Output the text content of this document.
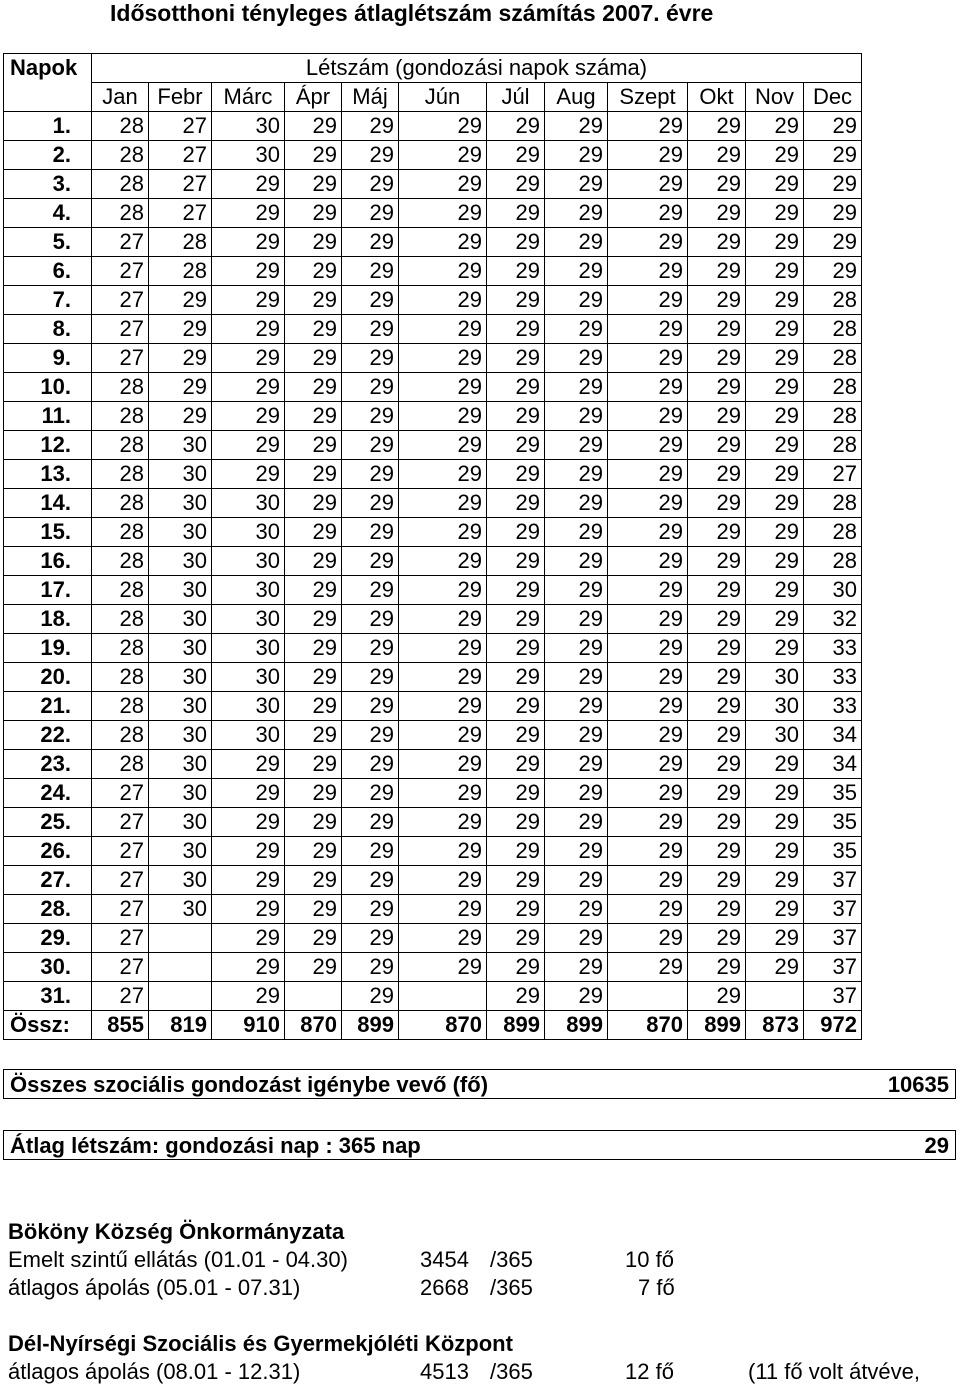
Idősotthoni tényleges átlaglétszám számítás 2007. évre
Napok	Létszám (gondozási napok száma)											
	Jan	Febr	Márc	Ápr	Máj	Jún	Júl	Aug	Szept	Okt	Nov	Dec
1.	28	27	30	29	29	29	29	29	29	29	29	29
2.	28	27	30	29	29	29	29	29	29	29	29	29
3.	28	27	29	29	29	29	29	29	29	29	29	29
4.	28	27	29	29	29	29	29	29	29	29	29	29
5.	27	28	29	29	29	29	29	29	29	29	29	29
6.	27	28	29	29	29	29	29	29	29	29	29	29
7.	27	29	29	29	29	29	29	29	29	29	29	28
8.	27	29	29	29	29	29	29	29	29	29	29	28
9.	27	29	29	29	29	29	29	29	29	29	29	28
10.	28	29	29	29	29	29	29	29	29	29	29	28
11.	28	29	29	29	29	29	29	29	29	29	29	28
12.	28	30	29	29	29	29	29	29	29	29	29	28
13.	28	30	29	29	29	29	29	29	29	29	29	27
14.	28	30	30	29	29	29	29	29	29	29	29	28
15.	28	30	30	29	29	29	29	29	29	29	29	28
16.	28	30	30	29	29	29	29	29	29	29	29	28
17.	28	30	30	29	29	29	29	29	29	29	29	30
18.	28	30	30	29	29	29	29	29	29	29	29	32
19.	28	30	30	29	29	29	29	29	29	29	29	33
20.	28	30	30	29	29	29	29	29	29	29	30	33
21.	28	30	30	29	29	29	29	29	29	29	30	33
22.	28	30	30	29	29	29	29	29	29	29	30	34
23.	28	30	29	29	29	29	29	29	29	29	29	34
24.	27	30	29	29	29	29	29	29	29	29	29	35
25.	27	30	29	29	29	29	29	29	29	29	29	35
26.	27	30	29	29	29	29	29	29	29	29	29	35
27.	27	30	29	29	29	29	29	29	29	29	29	37
28.	27	30	29	29	29	29	29	29	29	29	29	37
29.	27		29	29	29	29	29	29	29	29	29	37
30.	27		29	29	29	29	29	29	29	29	29	37
31.	27		29		29		29	29		29		37
Össz:	855	819	910	870	899	870	899	899	870	899	873	972
Összes szociális gondozást igénybe vevő (fő)	10635
Átlag létszám: gondozási nap : 365 nap	29
Bököny Község Önkormányzata
Emelt szintű ellátás (01.01 - 04.30)	3454 /365	10 fő
átlagos ápolás (05.01 - 07.31)	2668 /365	7 fő
Dél-Nyírségi Szociális és Gyermekjóléti Központ
átlagos ápolás (08.01 - 12.31)	4513 /365	12 fő	(11 fő volt átvéve,
